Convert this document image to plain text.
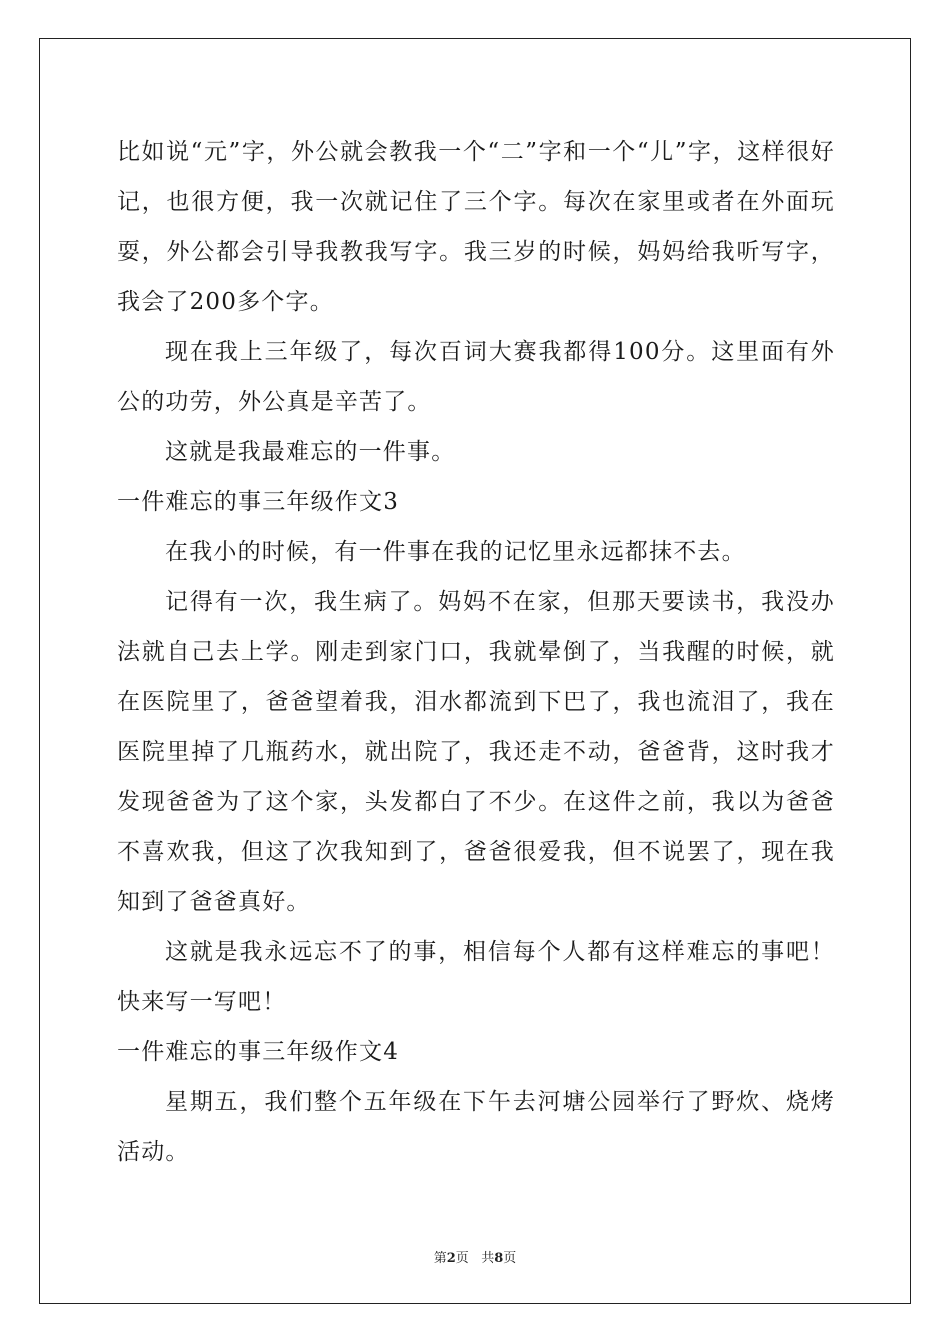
比如说“元”字，外公就会教我一个“二”字和一个“儿”字，这样很好记，也很方便，我一次就记住了三个字。每次在家里或者在外面玩耍，外公都会引导我教我写字。我三岁的时候，妈妈给我听写字，我会了200多个字。

现在我上三年级了，每次百词大赛我都得100分。这里面有外公的功劳，外公真是辛苦了。

这就是我最难忘的一件事。

一件难忘的事三年级作文3

在我小的时候，有一件事在我的记忆里永远都抹不去。

记得有一次，我生病了。妈妈不在家，但那天要读书，我没办法就自己去上学。刚走到家门口，我就晕倒了，当我醒的时候，就在医院里了，爸爸望着我，泪水都流到下巴了，我也流泪了，我在医院里掉了几瓶药水，就出院了，我还走不动，爸爸背，这时我才发现爸爸为了这个家，头发都白了不少。在这件之前，我以为爸爸不喜欢我，但这了次我知到了，爸爸很爱我，但不说罢了，现在我知到了爸爸真好。

这就是我永远忘不了的事，相信每个人都有这样难忘的事吧！快来写一写吧！

一件难忘的事三年级作文4

星期五，我们整个五年级在下午去河塘公园举行了野炊、烧烤活动。

第2页 共8页
